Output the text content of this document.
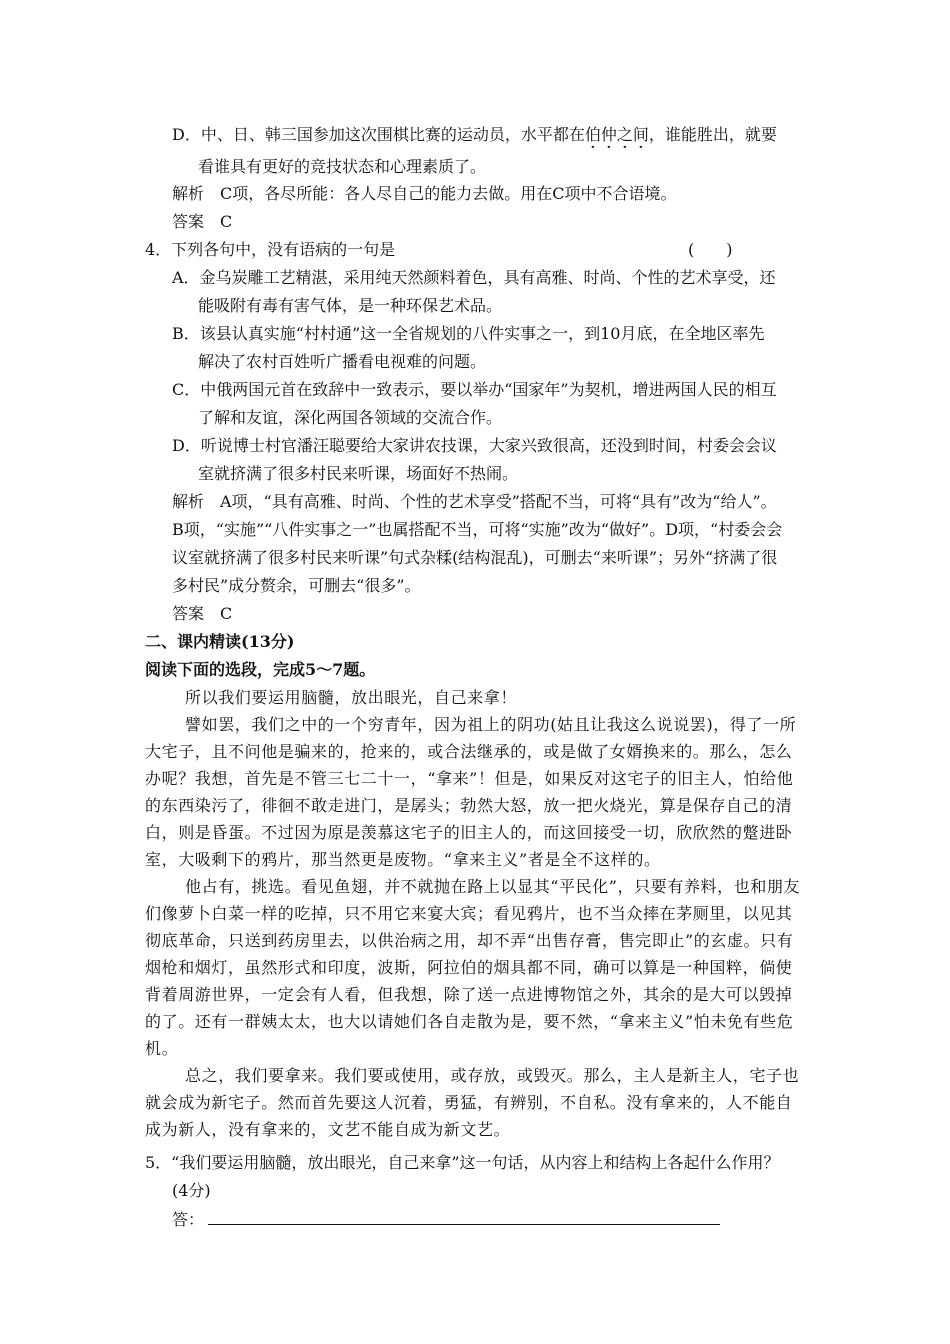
D．中、日、韩三国参加这次围棋比赛的运动员，水平都在伯仲之间，谁能胜出，就要
看谁具有更好的竞技状态和心理素质了。
解析　C项，各尽所能：各人尽自己的能力去做。用在C项中不合语境。
答案　C
4．下列各句中，没有语病的一句是	(　　)
A．金乌炭雕工艺精湛，采用纯天然颜料着色，具有高雅、时尚、个性的艺术享受，还
能吸附有毒有害气体，是一种环保艺术品。
B．该县认真实施“村村通”这一全省规划的八件实事之一，到10月底，在全地区率先
解决了农村百姓听广播看电视难的问题。
C．中俄两国元首在致辞中一致表示，要以举办“国家年”为契机，增进两国人民的相互
了解和友谊，深化两国各领域的交流合作。
D．听说博士村官潘汪聪要给大家讲农技课，大家兴致很高，还没到时间，村委会会议
室就挤满了很多村民来听课，场面好不热闹。
解析　A项，“具有高雅、时尚、个性的艺术享受”搭配不当，可将“具有”改为“给人”。
B项，“实施”“八件实事之一”也属搭配不当，可将“实施”改为“做好”。D项，“村委会会
议室就挤满了很多村民来听课”句式杂糅(结构混乱)，可删去“来听课”；另外“挤满了很
多村民”成分赘余，可删去“很多”。
答案　C
二、课内精读(13分)
阅读下面的选段，完成5～7题。
所以我们要运用脑髓，放出眼光，自己来拿！
譬如罢，我们之中的一个穷青年，因为祖上的阴功(姑且让我这么说说罢)，得了一所
大宅子，且不问他是骗来的，抢来的，或合法继承的，或是做了女婿换来的。那么，怎么
办呢？我想，首先是不管三七二十一，“拿来”！但是，如果反对这宅子的旧主人，怕给他
的东西染污了，徘徊不敢走进门，是孱头；勃然大怒，放一把火烧光，算是保存自己的清
白，则是昏蛋。不过因为原是羡慕这宅子的旧主人的，而这回接受一切，欣欣然的蹩进卧
室，大吸剩下的鸦片，那当然更是废物。“拿来主义”者是全不这样的。
他占有，挑选。看见鱼翅，并不就抛在路上以显其“平民化”，只要有养料，也和朋友
们像萝卜白菜一样的吃掉，只不用它来宴大宾；看见鸦片，也不当众摔在茅厕里，以见其
彻底革命，只送到药房里去，以供治病之用，却不弄“出售存膏，售完即止”的玄虚。只有
烟枪和烟灯，虽然形式和印度，波斯，阿拉伯的烟具都不同，确可以算是一种国粹，倘使
背着周游世界，一定会有人看，但我想，除了送一点进博物馆之外，其余的是大可以毁掉
的了。还有一群姨太太，也大以请她们各自走散为是，要不然，“拿来主义”怕未免有些危
机。
总之，我们要拿来。我们要或使用，或存放，或毁灭。那么，主人是新主人，宅子也
就会成为新宅子。然而首先要这人沉着，勇猛，有辨别，不自私。没有拿来的，人不能自
成为新人，没有拿来的，文艺不能自成为新文艺。
5．“我们要运用脑髓，放出眼光，自己来拿”这一句话，从内容上和结构上各起什么作用？
(4分)
答：
